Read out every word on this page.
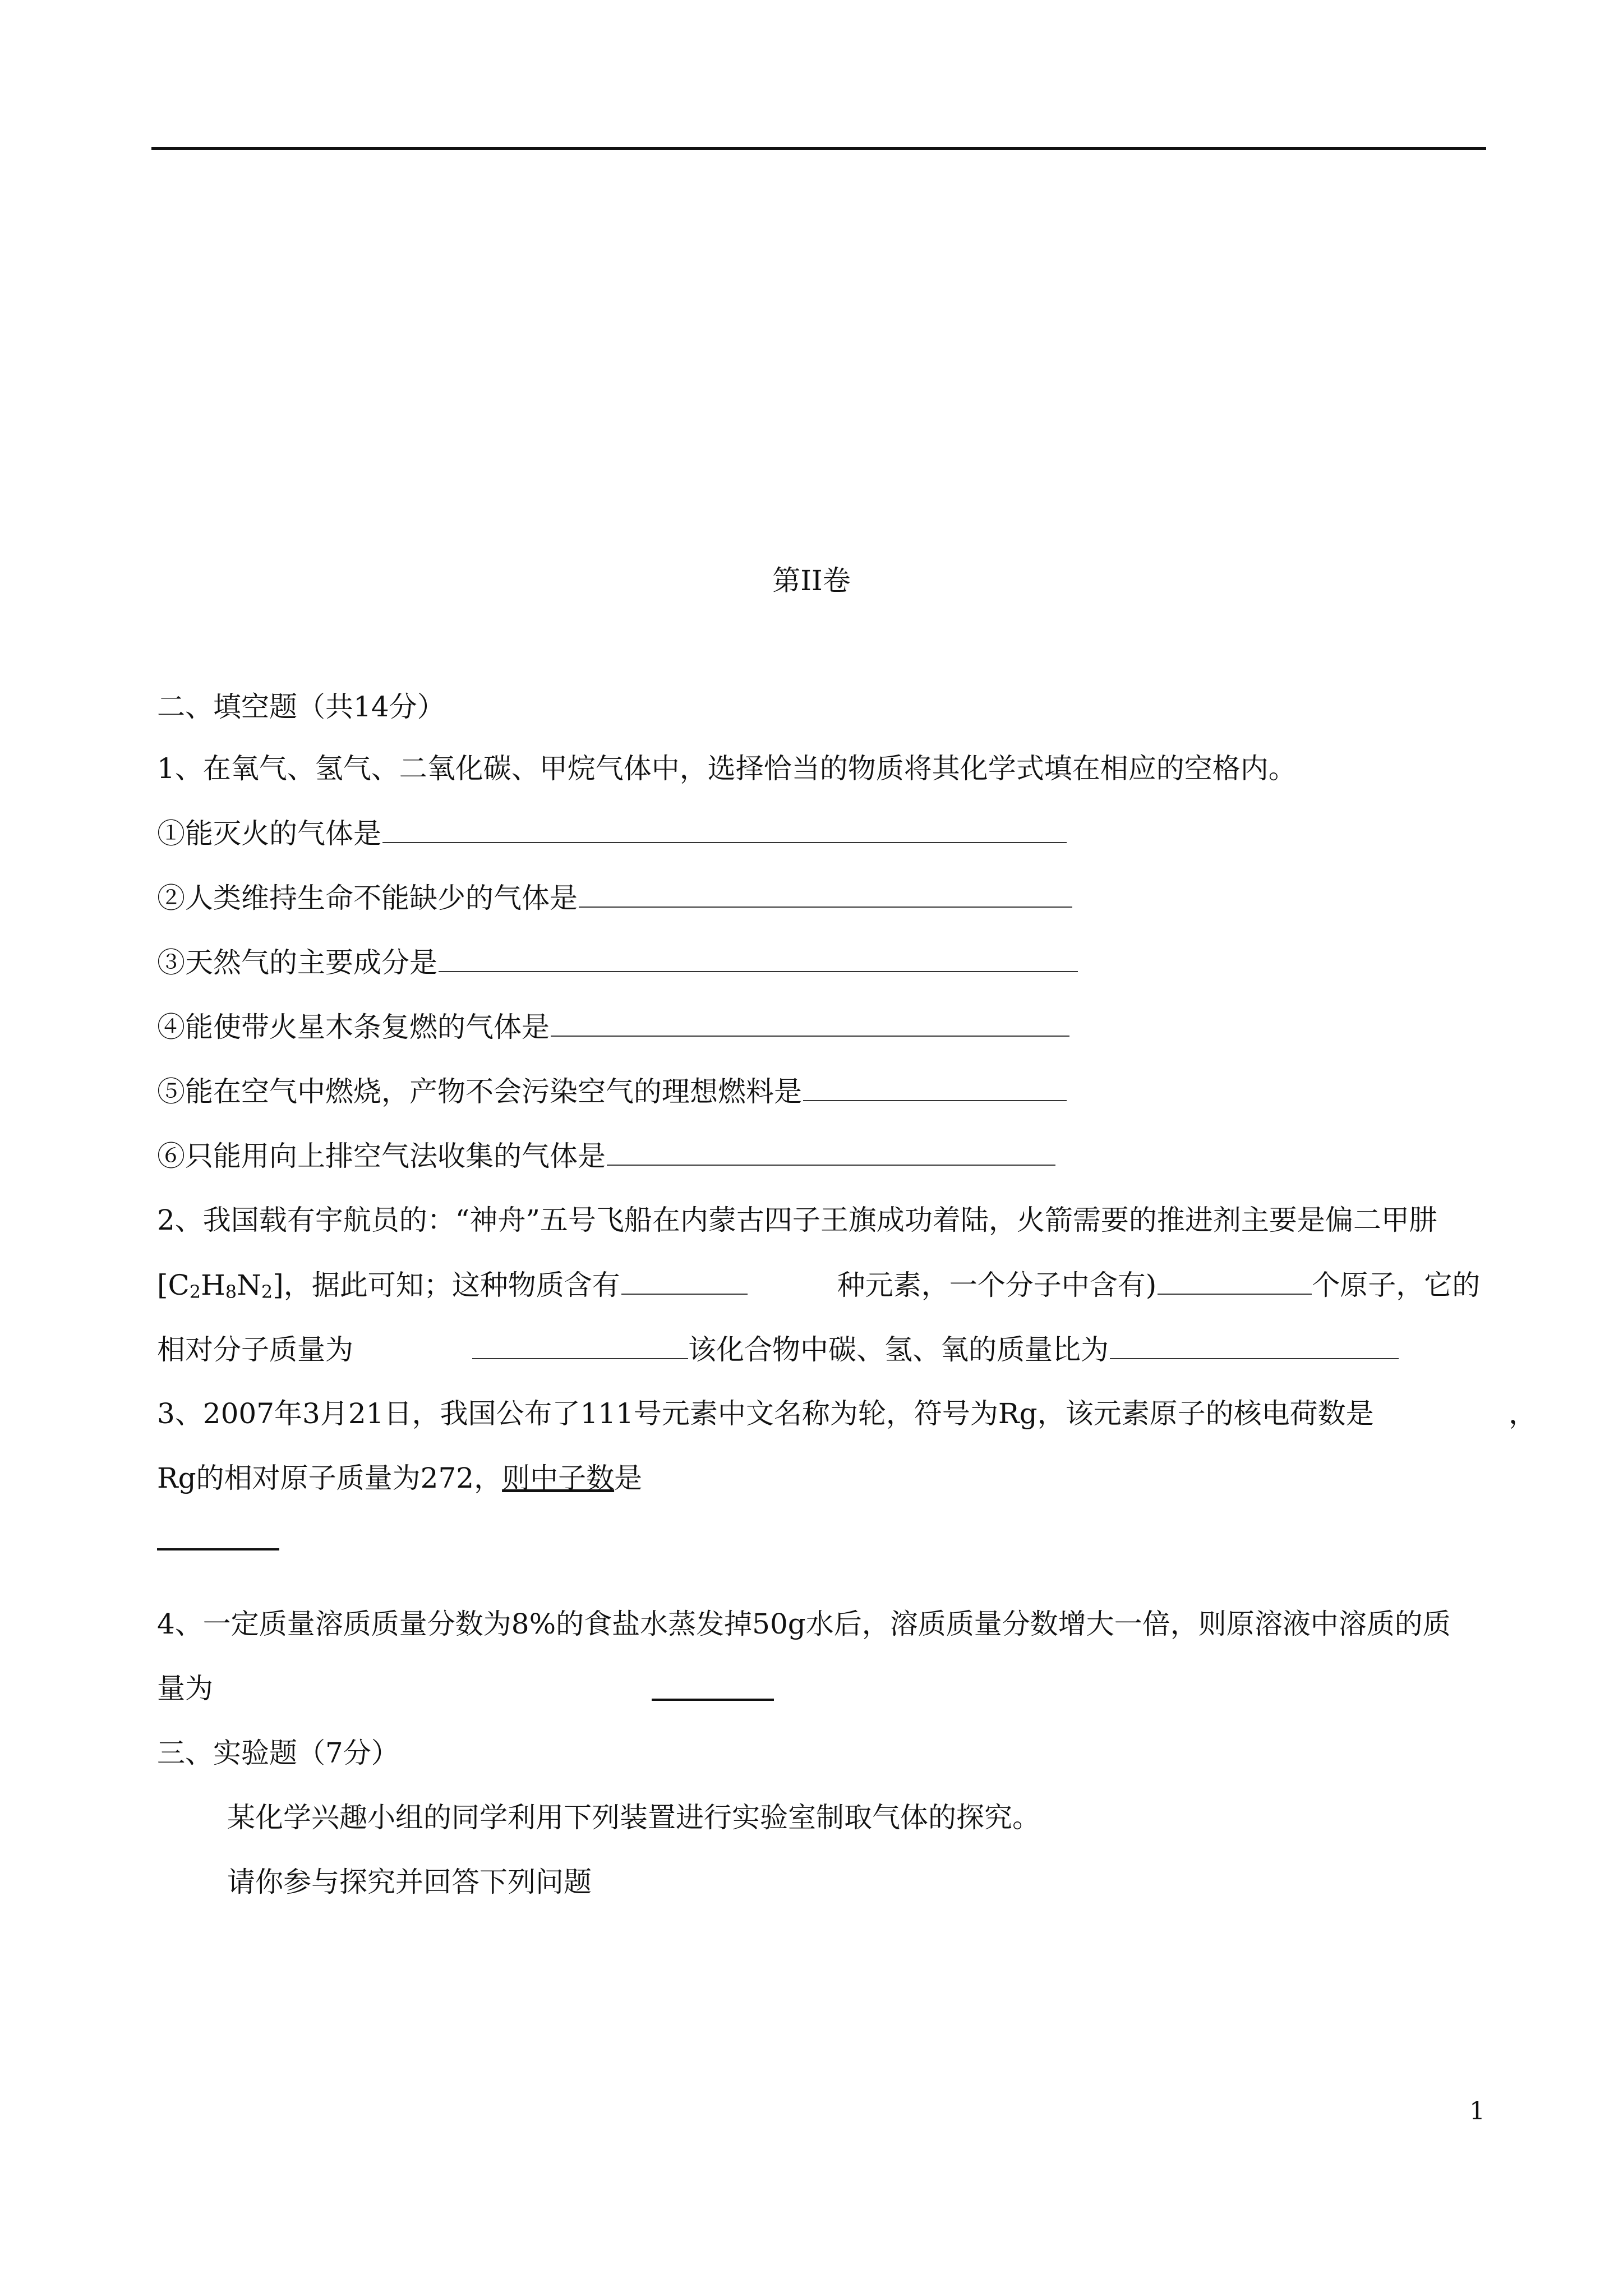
第II卷
二、填空题（共14分）
1、在氧气、氢气、二氧化碳、甲烷气体中，选择恰当的物质将其化学式填在相应的空格内。
①能灭火的气体是
②人类维持生命不能缺少的气体是
③天然气的主要成分是
④能使带火星木条复燃的气体是
⑤能在空气中燃烧，产物不会污染空气的理想燃料是
⑥只能用向上排空气法收集的气体是
2、我国载有宇航员的：“神舟”五号飞船在内蒙古四子王旗成功着陆，火箭需要的推进剂主要是偏二甲肼
$[C_2H_8N_2]$，据此可知；这种物质含有	种元素，一个分子中含有)	个原子，它的
相对分子质量为	该化合物中碳、氢、氧的质量比为
3、2007年3月21日，我国公布了111号元素中文名称为轮，符号为Rg，该元素原子的核电荷数是	，
Rg的相对原子质量为272，则中子数是
4、一定质量溶质质量分数为8%的食盐水蒸发掉50g水后，溶质质量分数增大一倍，则原溶液中溶质的质
量为
三、实验题（7分）
某化学兴趣小组的同学利用下列装置进行实验室制取气体的探究。
请你参与探究并回答下列问题
1
